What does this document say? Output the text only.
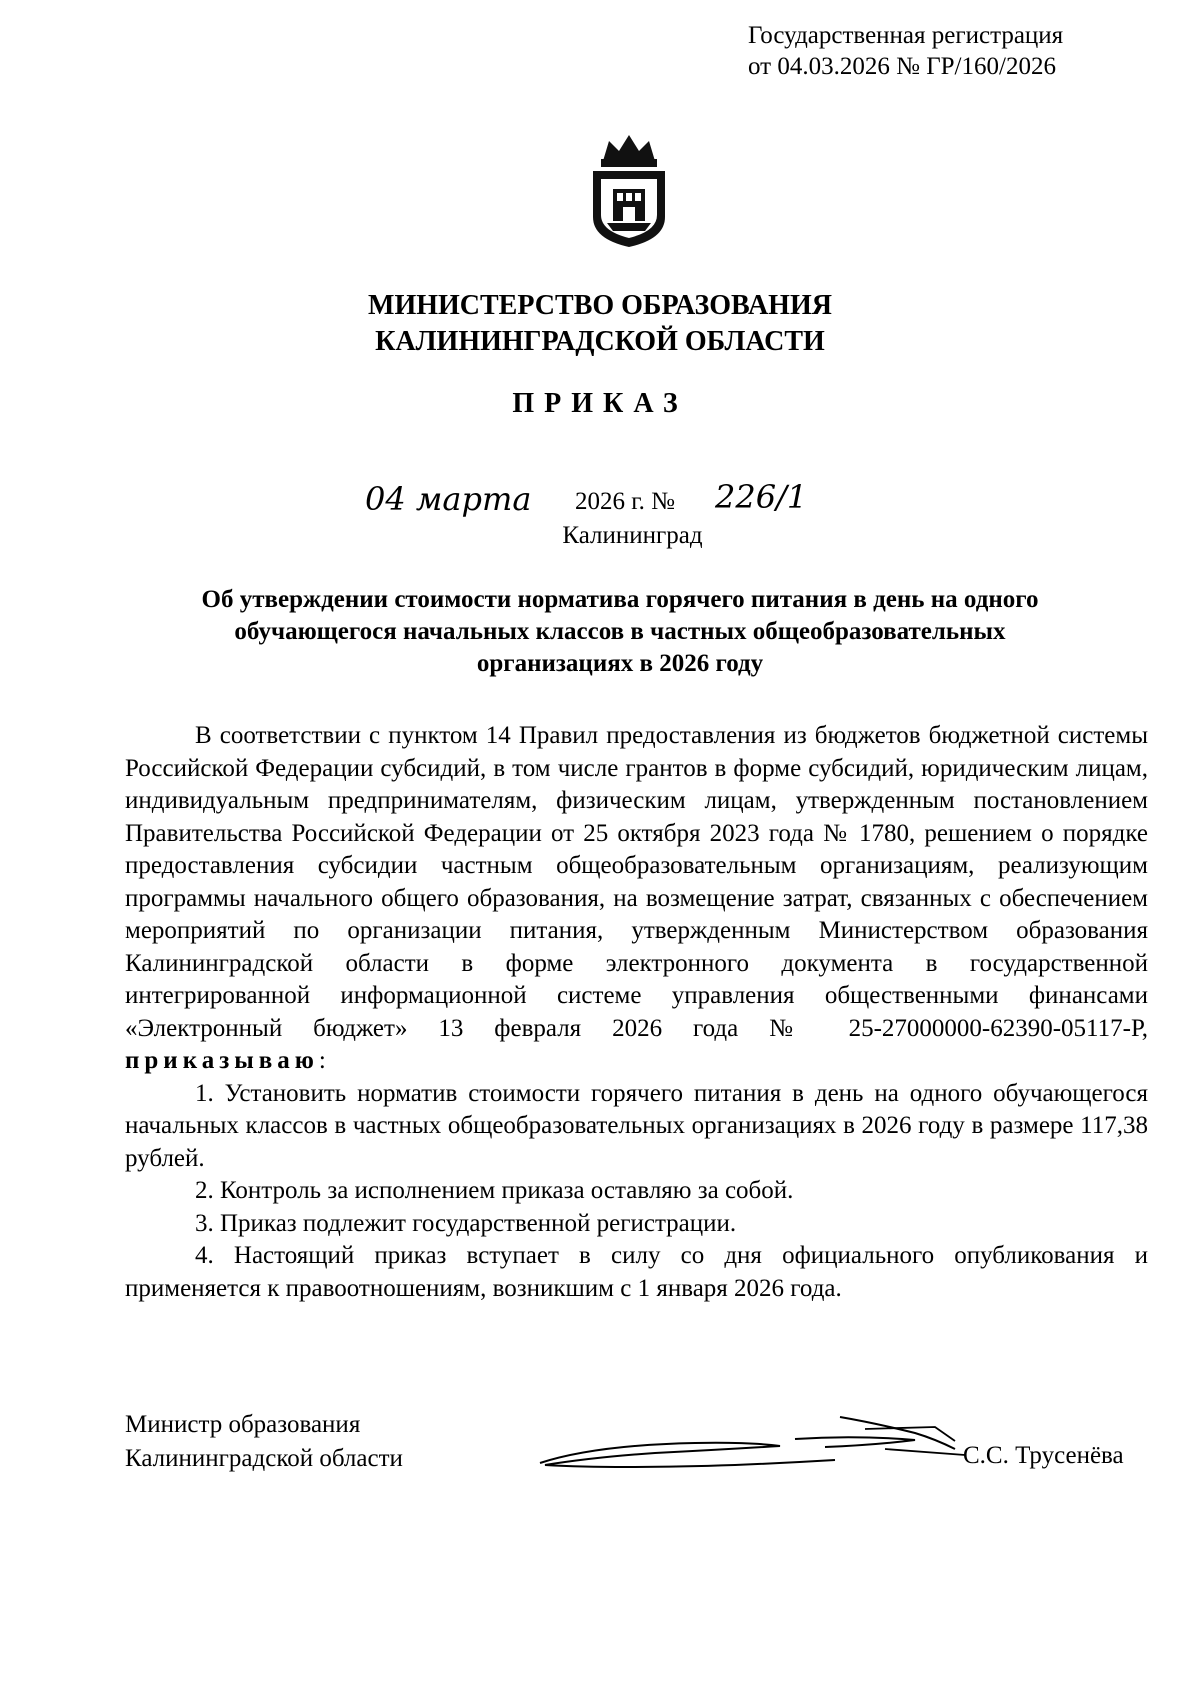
Государственная регистрация
от 04.03.2026 № ГР/160/2026
МИНИСТЕРСТВО ОБРАЗОВАНИЯ
КАЛИНИНГРАДСКОЙ ОБЛАСТИ
ПРИКАЗ
04 марта 2026 г. № 226/1
Калининград
Об утверждении стоимости норматива горячего питания в день на одного
обучающегося начальных классов в частных общеобразовательных
организациях в 2026 году

В соответствии с пунктом 14 Правил предоставления из бюджетов бюджетной системы Российской Федерации субсидий, в том числе грантов в форме субсидий, юридическим лицам, индивидуальным предпринимателям, физическим лицам, утвержденным постановлением Правительства Российской Федерации от 25 октября 2023 года № 1780, решением о порядке предоставления субсидии частным общеобразовательным организациям, реализующим программы начального общего образования, на возмещение затрат, связанных с обеспечением мероприятий по организации питания, утвержденным Министерством образования Калининградской области в форме электронного документа в государственной интегрированной информационной системе управления общественными финансами «Электронный бюджет» 13 февраля 2026 года № 25-27000000-62390-05117-Р, приказываю:

1. Установить норматив стоимости горячего питания в день на одного обучающегося начальных классов в частных общеобразовательных организациях в 2026 году в размере 117,38 рублей.

2. Контроль за исполнением приказа оставляю за собой.

3. Приказ подлежит государственной регистрации.

4. Настоящий приказ вступает в силу со дня официального опубликования и применяется к правоотношениям, возникшим с 1 января 2026 года.

Министр образования
Калининградской области	С.С. Трусенёва
